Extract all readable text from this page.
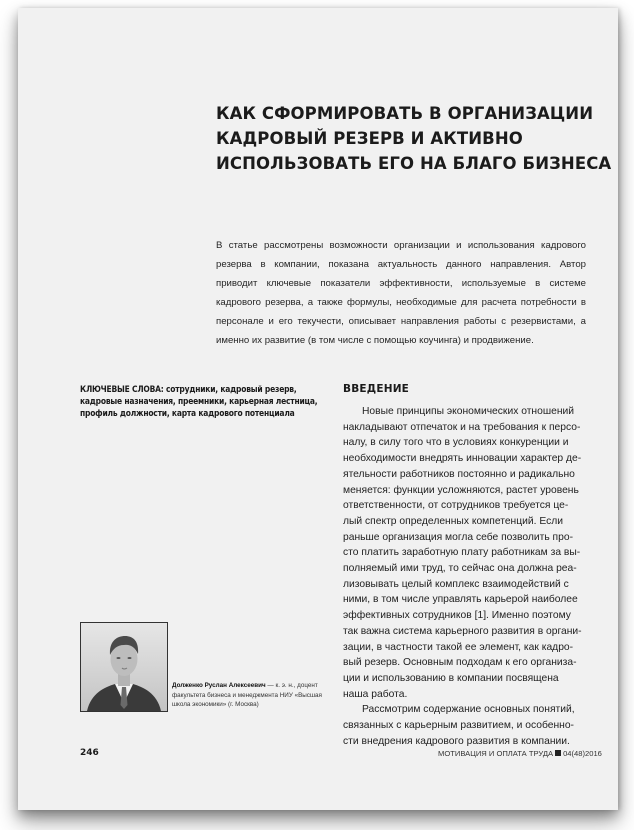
КАК СФОРМИРОВАТЬ В ОРГАНИЗАЦИИ
КАДРОВЫЙ РЕЗЕРВ И АКТИВНО
ИСПОЛЬЗОВАТЬ ЕГО НА БЛАГО БИЗНЕСА
В статье рассмотрены возможности организации и использования кадрового резерва в компании, показана актуальность данного направления. Автор приводит ключевые показатели эффективности, используемые в системе кадрового резерва, а также формулы, необходимые для расчета потребности в персонале и его текучести, описывает направления работы с резервистами, а именно их развитие (в том числе с помощью коучинга) и продвижение.
КЛЮЧЕВЫЕ СЛОВА: сотрудники, кадровый резерв, кадровые назначения, преемники, карьерная лестница, профиль должности, карта кадрового потенциала
ВВЕДЕНИЕ
Новые принципы экономических отношений
накладывают отпечаток и на требования к персо-
налу, в силу того что в условиях конкуренции и
необходимости внедрять инновации характер де-
ятельности работников постоянно и радикально
меняется: функции усложняются, растет уровень
ответственности, от сотрудников требуется це-
лый спектр определенных компетенций. Если
раньше организация могла себе позволить про-
сто платить заработную плату работникам за вы-
полняемый ими труд, то сейчас она должна реа-
лизовывать целый комплекс взаимодействий с
ними, в том числе управлять карьерой наиболее
эффективных сотрудников [1]. Именно поэтому
так важна система карьерного развития в органи-
зации, в частности такой ее элемент, как кадро-
вый резерв. Основным подходам к его организа-
ции и использованию в компании посвящена
наша работа.
Рассмотрим содержание основных понятий,
связанных с карьерным развитием, и особенно-
сти внедрения кадрового развития в компании.
Долженко Руслан Алексеевич — к. э. н., доцент факультета бизнеса и менеджмента НИУ «Высшая школа экономики» (г. Москва)
246	МОТИВАЦИЯ И ОПЛАТА ТРУДА 04(48)2016
